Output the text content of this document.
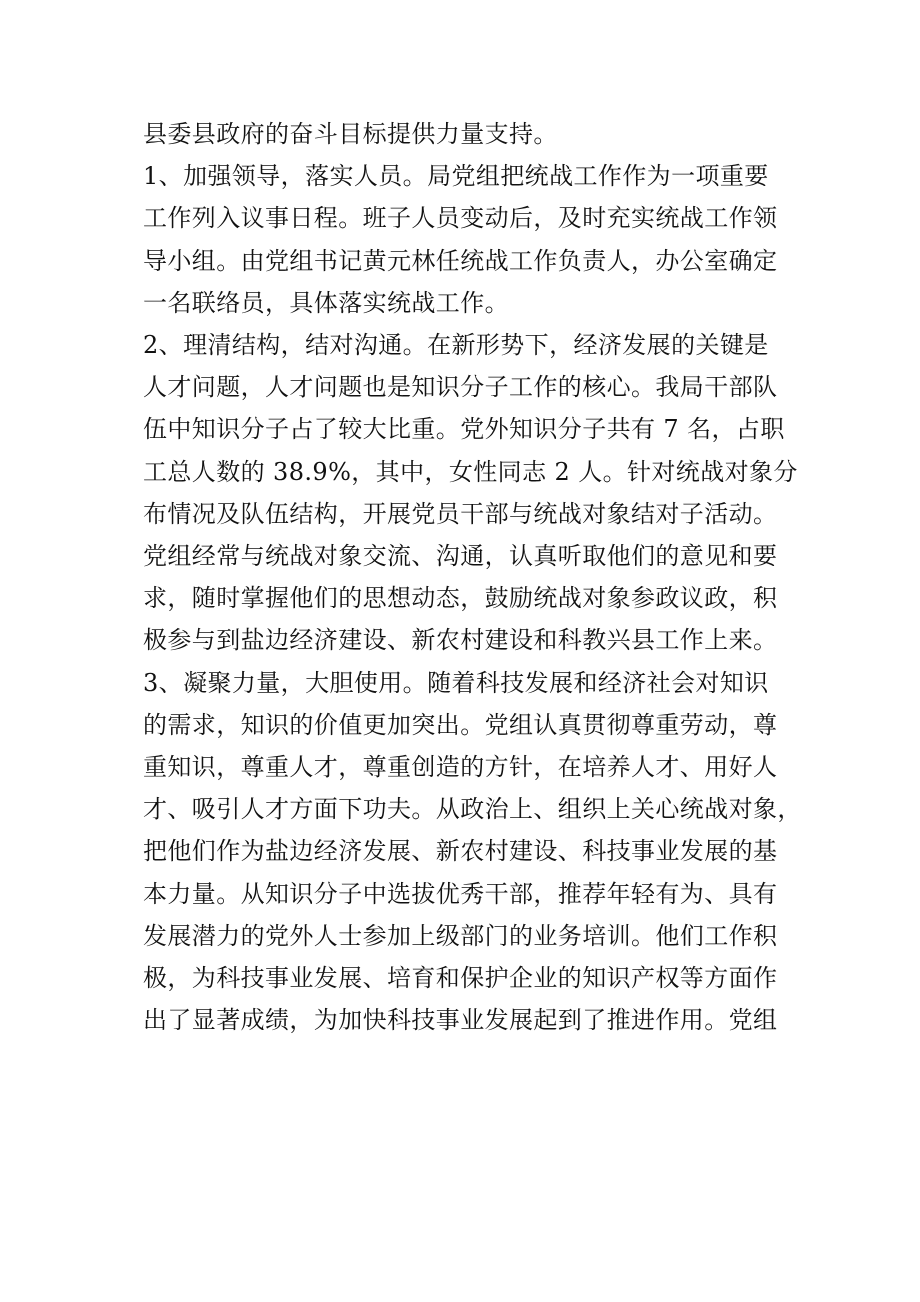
县委县政府的奋斗目标提供力量支持。
1、加强领导，落实人员。局党组把统战工作作为一项重要
工作列入议事日程。班子人员变动后，及时充实统战工作领
导小组。由党组书记黄元林任统战工作负责人，办公室确定
一名联络员，具体落实统战工作。
2、理清结构，结对沟通。在新形势下，经济发展的关键是
人才问题，人才问题也是知识分子工作的核心。我局干部队
伍中知识分子占了较大比重。党外知识分子共有 7 名，占职
工总人数的 38.9%，其中，女性同志 2 人。针对统战对象分
布情况及队伍结构，开展党员干部与统战对象结对子活动。
党组经常与统战对象交流、沟通，认真听取他们的意见和要
求，随时掌握他们的思想动态，鼓励统战对象参政议政，积
极参与到盐边经济建设、新农村建设和科教兴县工作上来。
3、凝聚力量，大胆使用。随着科技发展和经济社会对知识
的需求，知识的价值更加突出。党组认真贯彻尊重劳动，尊
重知识，尊重人才，尊重创造的方针，在培养人才、用好人
才、吸引人才方面下功夫。从政治上、组织上关心统战对象，
把他们作为盐边经济发展、新农村建设、科技事业发展的基
本力量。从知识分子中选拔优秀干部，推荐年轻有为、具有
发展潜力的党外人士参加上级部门的业务培训。他们工作积
极，为科技事业发展、培育和保护企业的知识产权等方面作
出了显著成绩，为加快科技事业发展起到了推进作用。党组
